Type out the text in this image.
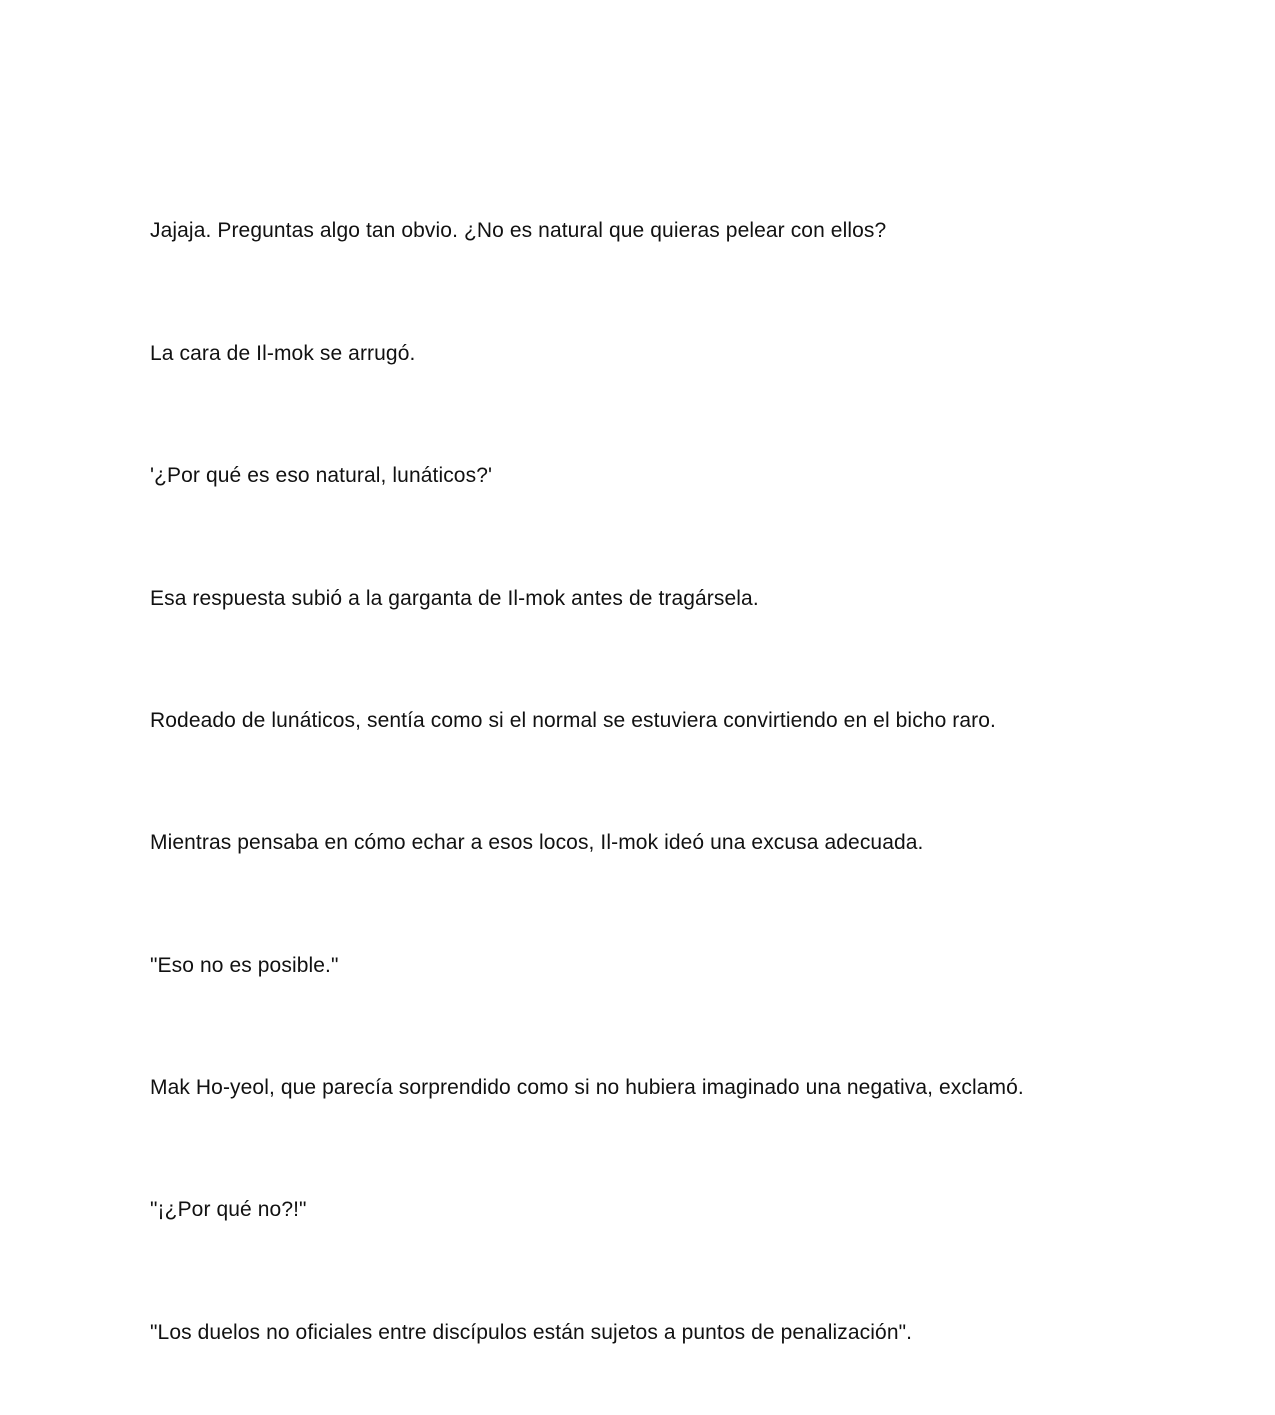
Jajaja. Preguntas algo tan obvio. ¿No es natural que quieras pelear con ellos?

La cara de Il-mok se arrugó.

'¿Por qué es eso natural, lunáticos?'

Esa respuesta subió a la garganta de Il-mok antes de tragársela.

Rodeado de lunáticos, sentía como si el normal se estuviera convirtiendo en el bicho raro.

Mientras pensaba en cómo echar a esos locos, Il-mok ideó una excusa adecuada.

"Eso no es posible."

Mak Ho-yeol, que parecía sorprendido como si no hubiera imaginado una negativa, exclamó.

"¡¿Por qué no?!"

"Los duelos no oficiales entre discípulos están sujetos a puntos de penalización".
